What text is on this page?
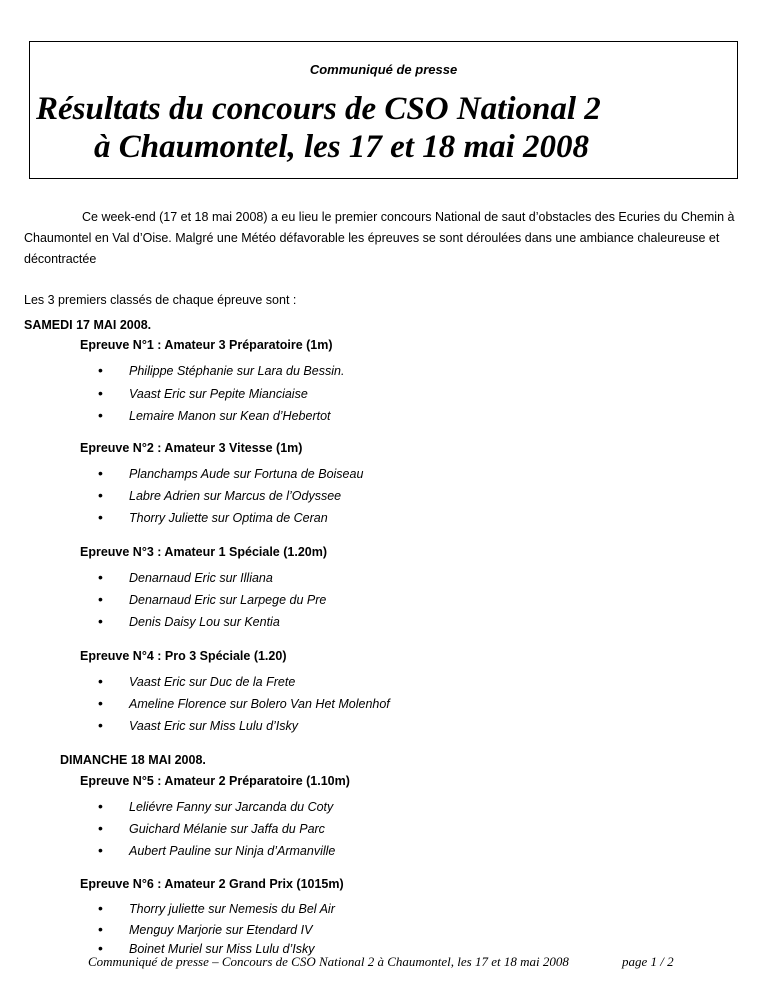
Communiqué de presse
Résultats du concours de CSO National 2
à Chaumontel, les 17 et 18 mai 2008

Ce week-end (17 et 18 mai 2008) a eu lieu le premier concours National de saut d’obstacles des Ecuries du Chemin à Chaumontel en Val d’Oise. Malgré une Météo défavorable les épreuves se sont déroulées dans une ambiance chaleureuse et décontractée

Les 3 premiers classés de chaque épreuve sont :
SAMEDI 17 MAI 2008.
Epreuve N°1 : Amateur 3 Préparatoire (1m)
• Philippe Stéphanie sur Lara du Bessin.
• Vaast Eric sur Pepite Mianciaise
• Lemaire Manon sur Kean d’Hebertot
Epreuve N°2 : Amateur 3 Vitesse (1m)
• Planchamps Aude sur Fortuna de Boiseau
• Labre Adrien sur Marcus de l’Odyssee
• Thorry Juliette sur Optima de Ceran
Epreuve N°3 : Amateur 1 Spéciale (1.20m)
• Denarnaud Eric sur Illiana
• Denarnaud Eric sur Larpege du Pre
• Denis Daisy Lou sur Kentia
Epreuve N°4 : Pro 3 Spéciale (1.20)
• Vaast Eric sur Duc de la Frete
• Ameline Florence sur Bolero Van Het Molenhof
• Vaast Eric sur Miss Lulu d’Isky
DIMANCHE 18 MAI 2008.
Epreuve N°5 : Amateur 2 Préparatoire (1.10m)
• Leliévre Fanny sur Jarcanda du Coty
• Guichard Mélanie sur Jaffa du Parc
• Aubert Pauline sur Ninja d’Armanville
Epreuve N°6 : Amateur 2 Grand Prix (1015m)
• Thorry juliette sur Nemesis du Bel Air
• Menguy Marjorie sur Etendard IV
• Boinet Muriel sur Miss Lulu d’Isky
Communiqué de presse – Concours de CSO National 2 à Chaumontel, les 17 et 18 mai 2008	page 1 / 2
